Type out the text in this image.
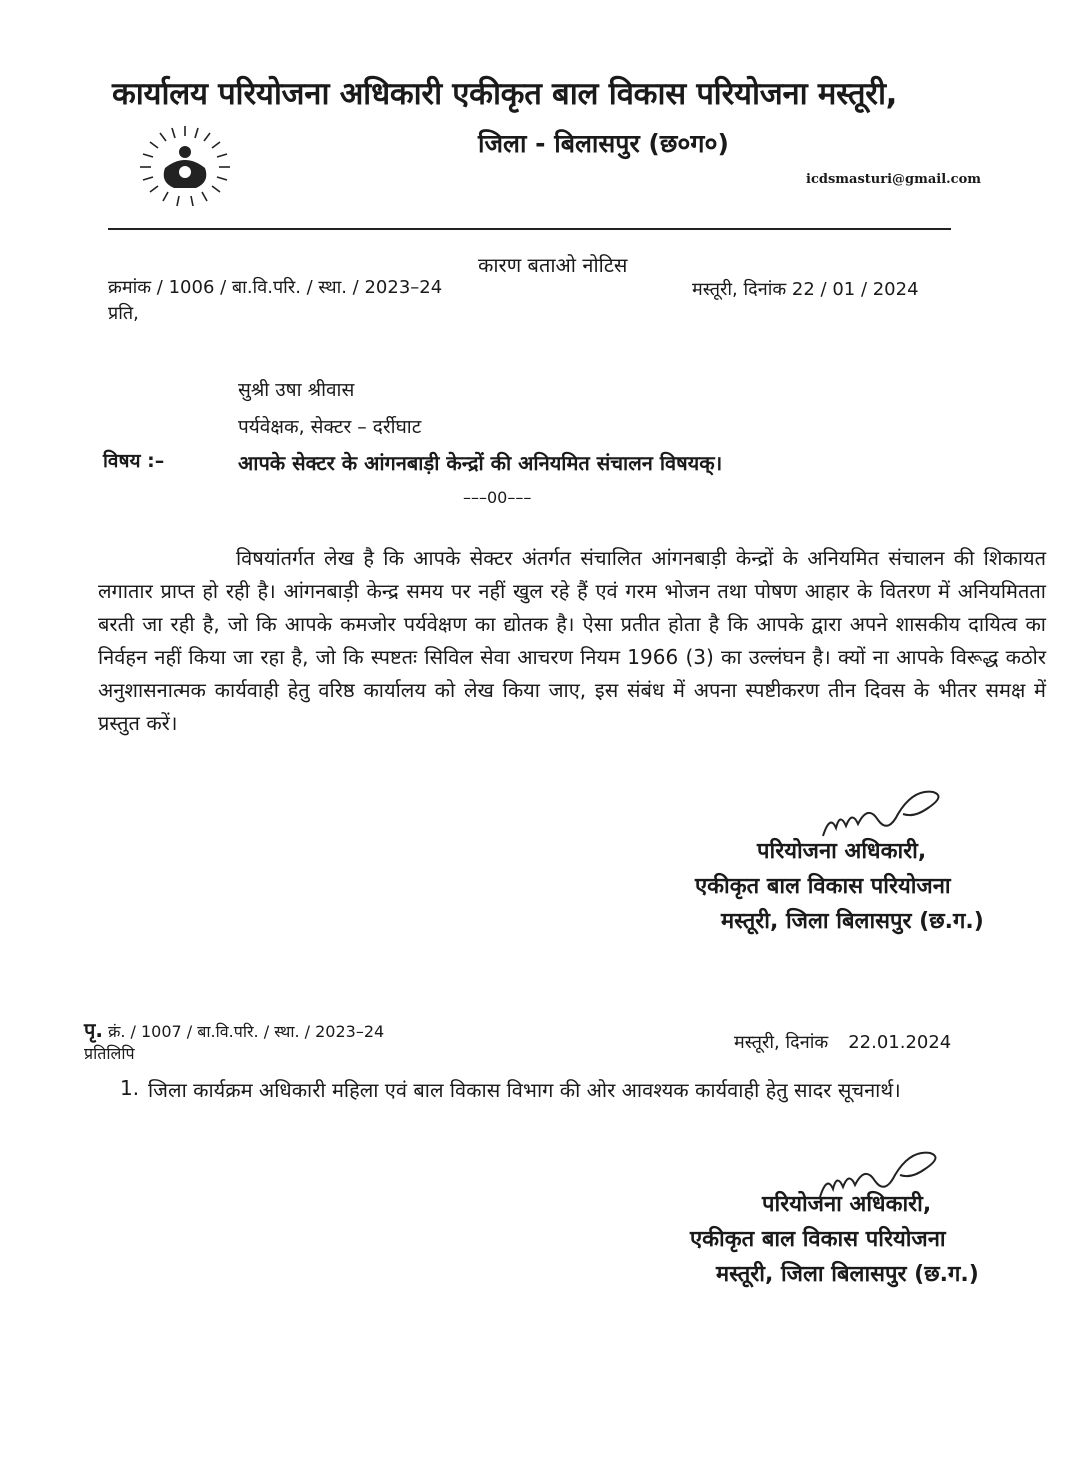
कार्यालय परियोजना अधिकारी एकीकृत बाल विकास परियोजना मस्तूरी,
जिला - बिलासपुर (छ०ग०)
icdsmasturi@gmail.com
कारण बताओ नोटिस
क्रमांक / 1006 / बा.वि.परि. / स्था. / 2023–24	मस्तूरी, दिनांक 22 / 01 / 2024
प्रति,
सुश्री उषा श्रीवास
पर्यवेक्षक, सेक्टर – दर्रीघाट
विषय :–	आपके सेक्टर के आंगनबाड़ी केन्द्रों की अनियमित संचालन विषयक्।
–––00–––

विषयांतर्गत लेख है कि आपके सेक्टर अंतर्गत संचालित आंगनबाड़ी केन्द्रों के अनियमित संचालन की शिकायत लगातार प्राप्त हो रही है। आंगनबाड़ी केन्द्र समय पर नहीं खुल रहे हैं एवं गरम भोजन तथा पोषण आहार के वितरण में अनियमितता बरती जा रही है, जो कि आपके कमजोर पर्यवेक्षण का द्योतक है। ऐसा प्रतीत होता है कि आपके द्वारा अपने शासकीय दायित्व का निर्वहन नहीं किया जा रहा है, जो कि स्पष्टतः सिविल सेवा आचरण नियम 1966 (3) का उल्लंघन है। क्यों ना आपके विरूद्ध कठोर अनुशासनात्मक कार्यवाही हेतु वरिष्ठ कार्यालय को लेख किया जाए, इस संबंध में अपना स्पष्टीकरण तीन दिवस के भीतर समक्ष में प्रस्तुत करें।

परियोजना अधिकारी,
एकीकृत बाल विकास परियोजना
मस्तूरी, जिला बिलासपुर (छ.ग.)
पृ. क्रं. / 1007 / बा.वि.परि. / स्था. / 2023–24
मस्तूरी, दिनांक 22.01.2024
प्रतिलिपि
1. जिला कार्यक्रम अधिकारी महिला एवं बाल विकास विभाग की ओर आवश्यक कार्यवाही हेतु सादर सूचनार्थ।

परियोजना अधिकारी,
एकीकृत बाल विकास परियोजना
मस्तूरी, जिला बिलासपुर (छ.ग.)
